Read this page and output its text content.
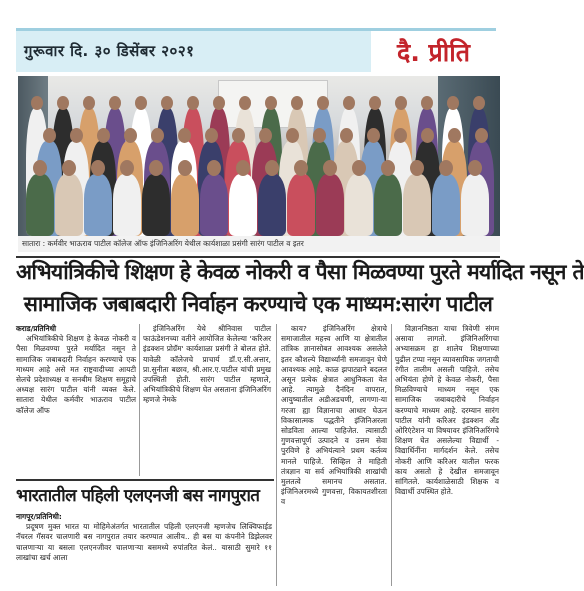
गुरूवार दि. ३० डिसेंबर २०२१	दै. प्रीति
सातारा : कर्मवीर भाऊराव पाटील कॉलेज ऑफ इंजिनिअरिंग येथील कार्यशाळा प्रसंगी सारंग पाटील व इतर
अभियांत्रिकीचे शिक्षण हे केवळ नोकरी व पैसा मिळवण्या पुरते मर्यादित नसून ते
सामाजिक जबाबदारी निर्वाहन करण्याचे एक माध्यम:सारंग पाटील
कराड/प्रतिनिधी

अभियांत्रिकीचे शिक्षण हे केवळ नोकरी व पैसा मिळवण्या पुरते मर्यादित नसून ते सामाजिक जबाबदारी निर्वाहन करण्याचे एक माध्यम आहे असे मत राष्ट्रवादीच्या आयटी सेलचे प्रदेशाध्यक्ष व सनबीम शिक्षण समूहाचे अध्यक्ष सारंग पाटील यांनी व्यक्त केले. सातारा येथील कर्मवीर भाऊराव पाटील कॉलेज ऑफ

इंजिनिअरिंग येथे श्रीनिवास पाटील फाऊंडेशनच्या वतीने आयोजित केलेल्या 'करिअर इंडक्शन प्रोग्रॅम' कार्यशाळा प्रसंगी ते बोलत होते. यावेळी कॉलेजचे प्राचार्य डॉ.ए.सी.अत्तार, प्रा.सुनीता बछाव, श्री.आर.ए.पाटील यांची प्रमुख उपस्थिती होती. सारंग पाटील म्हणाले, अभियांत्रिकीचे शिक्षण घेत असताना इंजिनिअरिंग म्हणजे नेमके

काय? इंजिनिअरिंग क्षेत्राचे समाजातील महत्त्व आणि या क्षेत्रातील तांत्रिक ज्ञानासोबत आवश्यक असलेले इतर कौशल्ये विद्यार्थ्यांनी समजावून घेणे आवश्यक आहे. काळ झपाट्याने बदलत असून प्रत्येक क्षेत्रात आधुनिकता येत आहे. त्यामुळे दैनंदिन वापरात, आयुष्यातील अडीअडचणी, लागणा-या गरजा ह्या विज्ञानाचा आधार घेऊन विकासात्मक पद्धतीने इंजिनिअरला सोडविता आल्या पाहिजेत. त्यासाठी गुणवत्तापूर्ण उत्पादने व उत्तम सेवा पुरविणे हे अभियंत्याने प्रथम कर्तव्य मानले पाहिजे. सिव्हिल ते माहिती तंत्रज्ञान या सर्व अभियांत्रिकी शाखांची मुलतत्वे समानच असतात. इंजिनिअरमध्ये गुणवत्ता, विकायतशीरता व

विज्ञाननिष्ठता याचा त्रिवेणी संगम असावा लागतो. इंजिनिअरिंगचा अभ्यासक्रम हा शालेय शिक्षणाच्या पुढील टप्पा नसून व्यावसायिक जगताची रंगीत तालीम असली पाहिजे. तसेच अभियंता होणे हे केवळ नोकरी, पैसा मिळविण्याचे माध्यम नसून एक सामाजिक जबाबदारीचे निर्वाहन करण्याचे माध्यम आहे. दरम्यान सारंग पाटील यांनी करिअर इंडक्शन अँड ओरिएंटेशन या विषयावर इंजिनिअरिंगचे शिक्षण घेत असलेल्या विद्यार्थी - विद्यार्थिनींना मार्गदर्शन केले. तसेच नोकरी आणि करिअर यातील फरक काय असतो हे देखील समजावून सांगितले. कार्यशाळेसाठी शिक्षक व विद्यार्थी उपस्थित होते.

भारतातील पहिली एलएनजी बस नागपुरात
नागपूर/प्रतिनिधी:

प्रदूषण मुक्त भारत या मोहिमेअंतर्गत भारतातील पहिली एलएनजी म्हणजेच लिक्विफाईड नॅचरल गॅसवर चालणारी बस नागपुरात तयार करण्यात आलीय.. ही बस या कंपनीने डिझेलवर चालणाऱ्या या बसला एलएनजीवर चालणाऱ्या बसमध्ये रुपांतरित केलं.. यासाठी सुमारे ११ लाखांचा खर्च आला
